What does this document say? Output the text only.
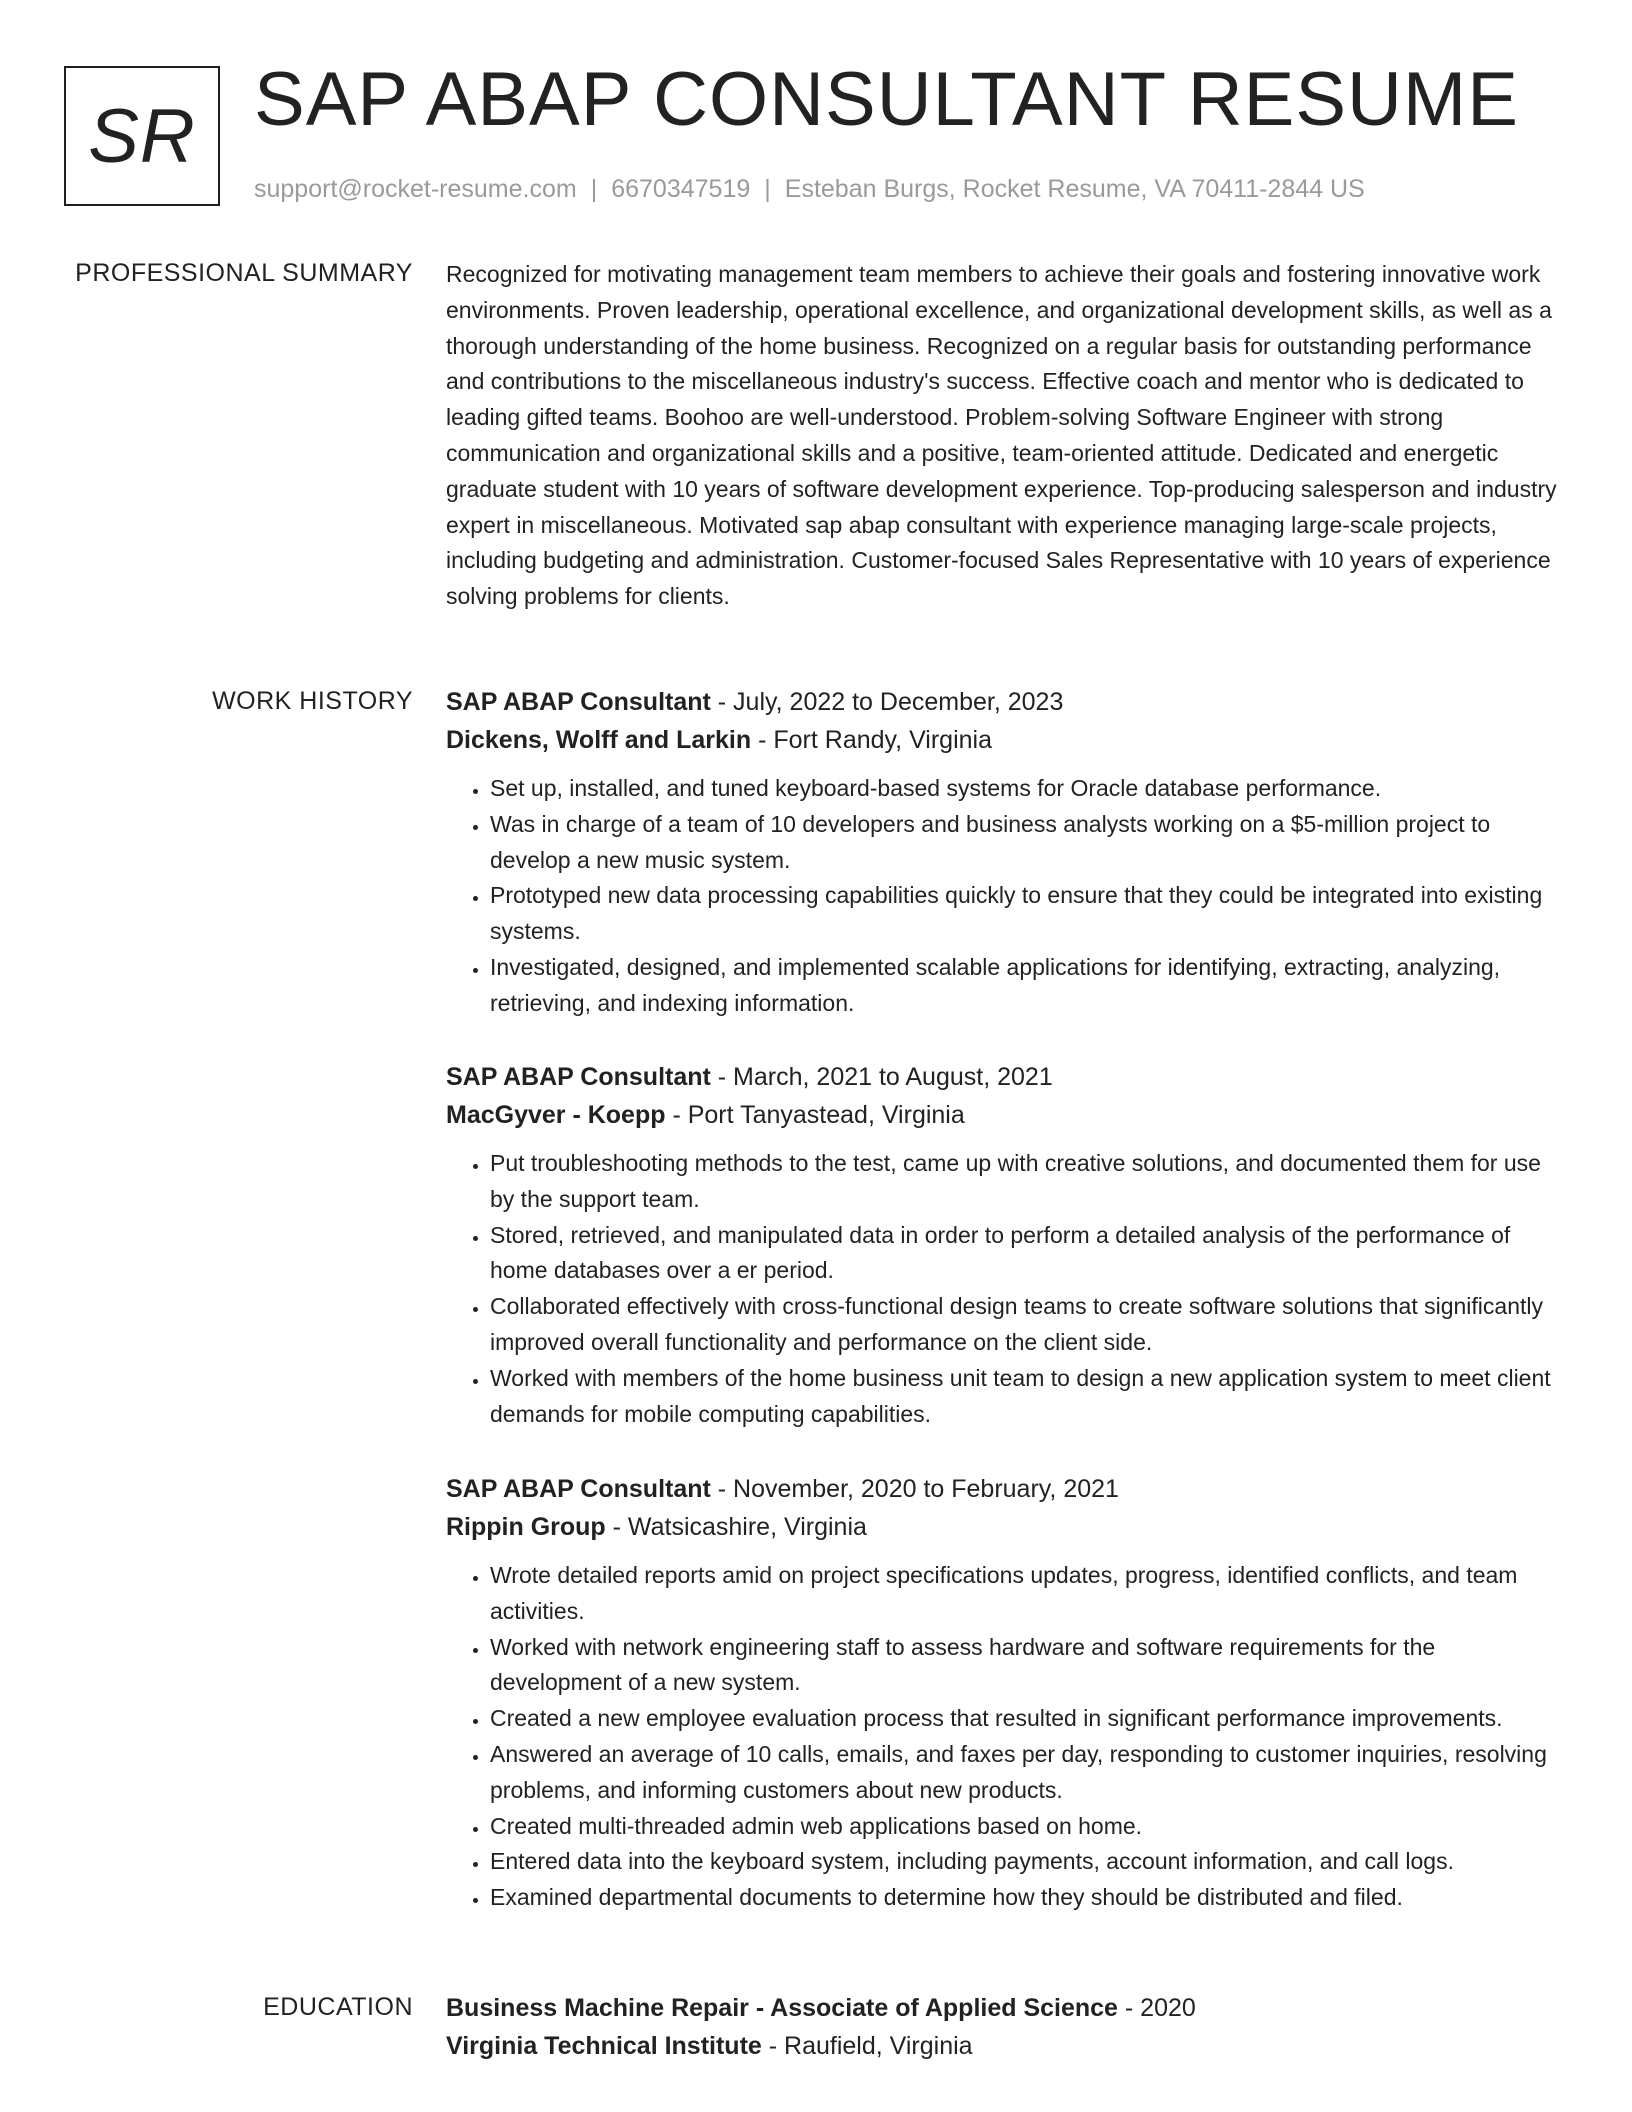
SR SAP ABAP CONSULTANT RESUME
support@rocket-resume.com | 6670347519 | Esteban Burgs, Rocket Resume, VA 70411-2844 US
PROFESSIONAL SUMMARY Recognized for motivating management team members to achieve their goals and fostering innovative work environments. Proven leadership, operational excellence, and organizational development skills, as well as a thorough understanding of the home business. Recognized on a regular basis for outstanding performance and contributions to the miscellaneous industry's success. Effective coach and mentor who is dedicated to leading gifted teams. Boohoo are well-understood. Problem-solving Software Engineer with strong communication and organizational skills and a positive, team-oriented attitude. Dedicated and energetic graduate student with 10 years of software development experience. Top-producing salesperson and industry expert in miscellaneous. Motivated sap abap consultant with experience managing large-scale projects, including budgeting and administration. Customer-focused Sales Representative with 10 years of experience solving problems for clients.

WORK HISTORY SAP ABAP Consultant - July, 2022 to December, 2023

Dickens, Wolff and Larkin - Fort Randy, Virginia

• Set up, installed, and tuned keyboard-based systems for Oracle database performance.
• Was in charge of a team of 10 developers and business analysts working on a $5-million project to develop a new music system.
• Prototyped new data processing capabilities quickly to ensure that they could be integrated into existing systems.
• Investigated, designed, and implemented scalable applications for identifying, extracting, analyzing, retrieving, and indexing information.

SAP ABAP Consultant - March, 2021 to August, 2021

MacGyver - Koepp - Port Tanyastead, Virginia

• Put troubleshooting methods to the test, came up with creative solutions, and documented them for use by the support team.
• Stored, retrieved, and manipulated data in order to perform a detailed analysis of the performance of home databases over a er period.
• Collaborated effectively with cross-functional design teams to create software solutions that significantly improved overall functionality and performance on the client side.
• Worked with members of the home business unit team to design a new application system to meet client demands for mobile computing capabilities.

SAP ABAP Consultant - November, 2020 to February, 2021

Rippin Group - Watsicashire, Virginia

• Wrote detailed reports amid on project specifications updates, progress, identified conflicts, and team activities.
• Worked with network engineering staff to assess hardware and software requirements for the development of a new system.
• Created a new employee evaluation process that resulted in significant performance improvements.
• Answered an average of 10 calls, emails, and faxes per day, responding to customer inquiries, resolving problems, and informing customers about new products.
• Created multi-threaded admin web applications based on home.
• Entered data into the keyboard system, including payments, account information, and call logs.
• Examined departmental documents to determine how they should be distributed and filed.
EDUCATION Business Machine Repair - Associate of Applied Science - 2020

Virginia Technical Institute - Raufield, Virginia
